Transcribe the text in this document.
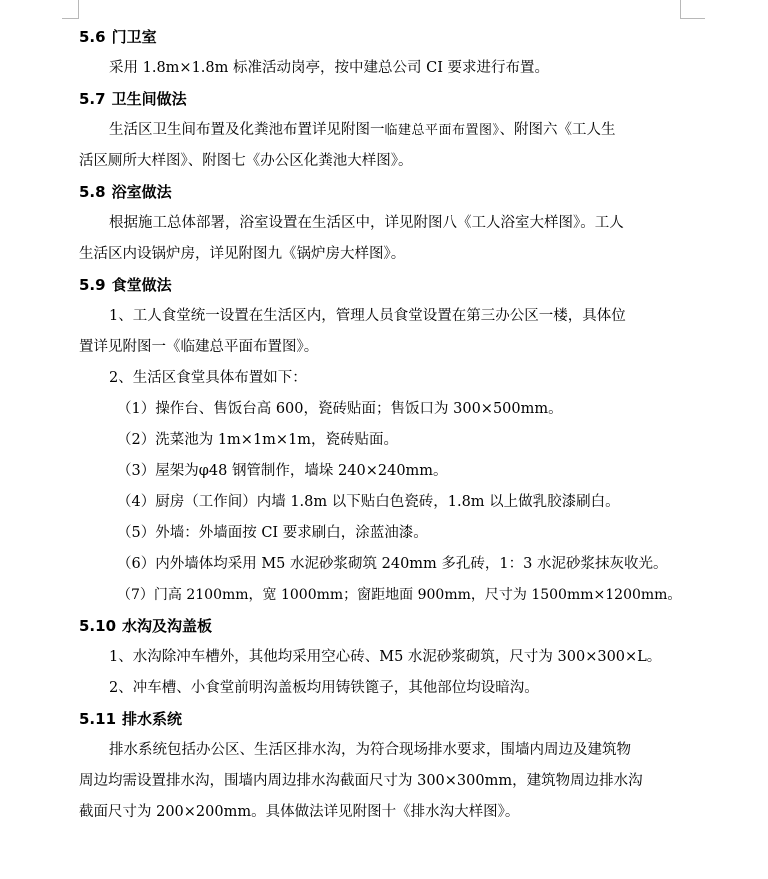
5.6 门卫室
采用 1.8m×1.8m 标准活动岗亭，按中建总公司 CI 要求进行布置。
5.7 卫生间做法
生活区卫生间布置及化粪池布置详见附图一临建总平面布置图》、附图六《工人生
活区厕所大样图》、附图七《办公区化粪池大样图》。
5.8 浴室做法
根据施工总体部署，浴室设置在生活区中，详见附图八《工人浴室大样图》。工人
生活区内设锅炉房，详见附图九《锅炉房大样图》。
5.9 食堂做法
1、工人食堂统一设置在生活区内，管理人员食堂设置在第三办公区一楼，具体位
置详见附图一《临建总平面布置图》。
2、生活区食堂具体布置如下：
（1）操作台、售饭台高 600，瓷砖贴面；售饭口为 300×500mm。
（2）洗菜池为 1m×1m×1m，瓷砖贴面。
（3）屋架为φ48 钢管制作，墙垛 240×240mm。
（4）厨房（工作间）内墙 1.8m 以下贴白色瓷砖，1.8m 以上做乳胶漆刷白。
（5）外墙：外墙面按 CI 要求刷白，涂蓝油漆。
（6）内外墙体均采用 M5 水泥砂浆砌筑 240mm 多孔砖，1：3 水泥砂浆抹灰收光。
（7）门高 2100mm，宽 1000mm；窗距地面 900mm，尺寸为 1500mm×1200mm。
5.10 水沟及沟盖板
1、水沟除冲车槽外，其他均采用空心砖、M5 水泥砂浆砌筑，尺寸为 300×300×L。
2、冲车槽、小食堂前明沟盖板均用铸铁篦子，其他部位均设暗沟。
5.11 排水系统
排水系统包括办公区、生活区排水沟，为符合现场排水要求，围墙内周边及建筑物
周边均需设置排水沟，围墙内周边排水沟截面尺寸为 300×300mm，建筑物周边排水沟
截面尺寸为 200×200mm。具体做法详见附图十《排水沟大样图》。
